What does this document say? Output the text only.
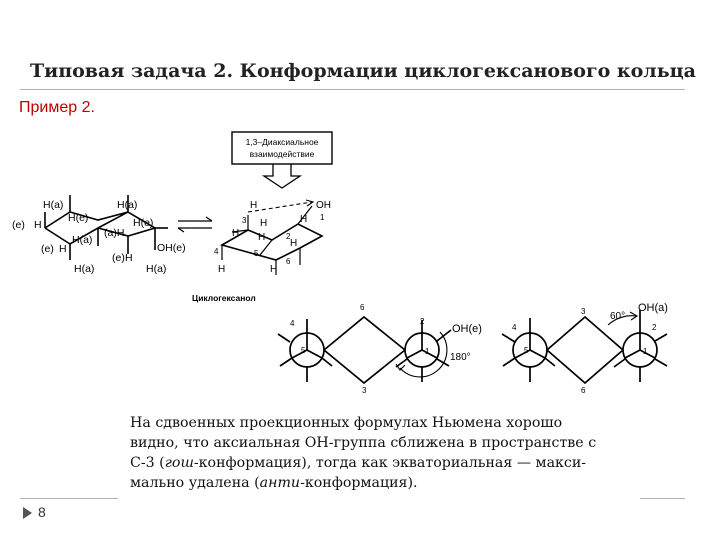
Типовая задача 2. Конформации циклогексанового кольца
Пример 2.
1,3–Диаксиальное
взаимодействие
H(a)	H(a)
H(e)	H(e)
(e)
(e)
H
H
H(a)
(a)H
(e) H
OH(e)
H(a)	H(a)
H	OH
3	1
H	H
H H	2
4	5
6
H
H	H
Циклогексанол
6
4
5
2
1
OH(e)
3
180°
3	OH(a)
60°
4
5
2
1
6
На сдвоенных проекционных формулах Ньюмена хорошо
видно, что аксиальная OH-группа сближена в пространстве с
C-3 (гош-конформация), тогда как экваториальная — макси-
мально удалена (анти-конформация).
8
